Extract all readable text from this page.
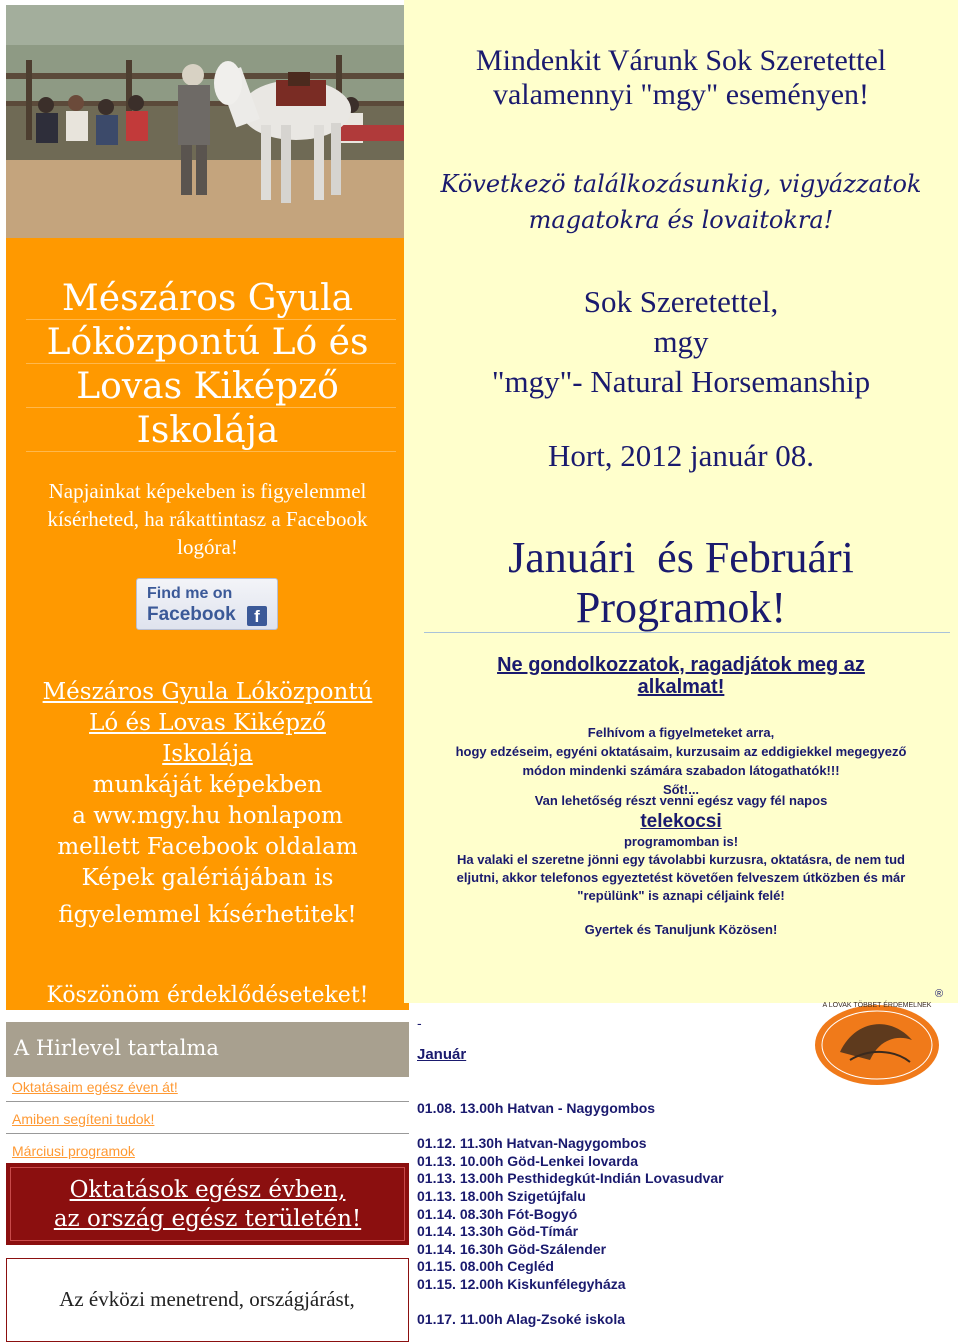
Mészáros Gyula
Lóközpontú Ló és
Lovas Kiképző
Iskolája
Napjainkat képekeben is figyelemmel
kísérheted, ha rákattintasz a Facebook
logóra!
Find me on
Facebook	f
Mészáros Gyula Lóközpontú
Ló és Lovas Kiképző
Iskolája
munkáját képekben
a ww.mgy.hu honlapom
mellett Facebook oldalam
Képek galériájában is
figyelemmel kísérhetitek!
Köszönöm érdeklődéseteket!
A Hirlevel tartalma
Oktatásaim egész éven át!
Amiben segíteni tudok!
Márciusi programok
Oktatások egész évben,
az ország egész területén!
Az évközi menetrend, országjárást,
Mindenkit Várunk Sok Szeretettel
valamennyi "mgy" eseményen!
Következö találkozásunkig, vigyázzatok
magatokra és lovaitokra!
Sok Szeretettel,
mgy
"mgy"- Natural Horsemanship
Hort, 2012 január 08.
Januári  és Februári
Programok!
Ne gondolkozzatok, ragadjátok meg az
alkalmat!
Felhívom a figyelmeteket arra,
hogy edzéseim, egyéni oktatásaim, kurzusaim az eddigiekkel megegyező
módon mindenki számára szabadon látogathatók!!!
Sőt!...
Van lehetőség részt venni egész vagy fél napos
telekocsi
programomban is!
Ha valaki el szeretne jönni egy távolabbi kurzusra, oktatásra, de nem tud
eljutni, akkor telefonos egyeztetést követően felveszem útközben és már
"repülünk" is aznapi céljaink felé!
Gyertek és Tanuljunk Közösen!
-
Január
A LOVAK TÖBBET ÉRDEMELNEK
®
01.08. 13.00h Hatvan - Nagygombos
01.12. 11.30h Hatvan-Nagygombos
01.13. 10.00h Göd-Lenkei lovarda
01.13. 13.00h Pesthidegkút-Indián Lovasudvar
01.13. 18.00h Szigetújfalu
01.14. 08.30h Fót-Bogyó
01.14. 13.30h Göd-Tímár
01.14. 16.30h Göd-Szálender
01.15. 08.00h Cegléd
01.15. 12.00h Kiskunfélegyháza
01.17. 11.00h Alag-Zsoké iskola
